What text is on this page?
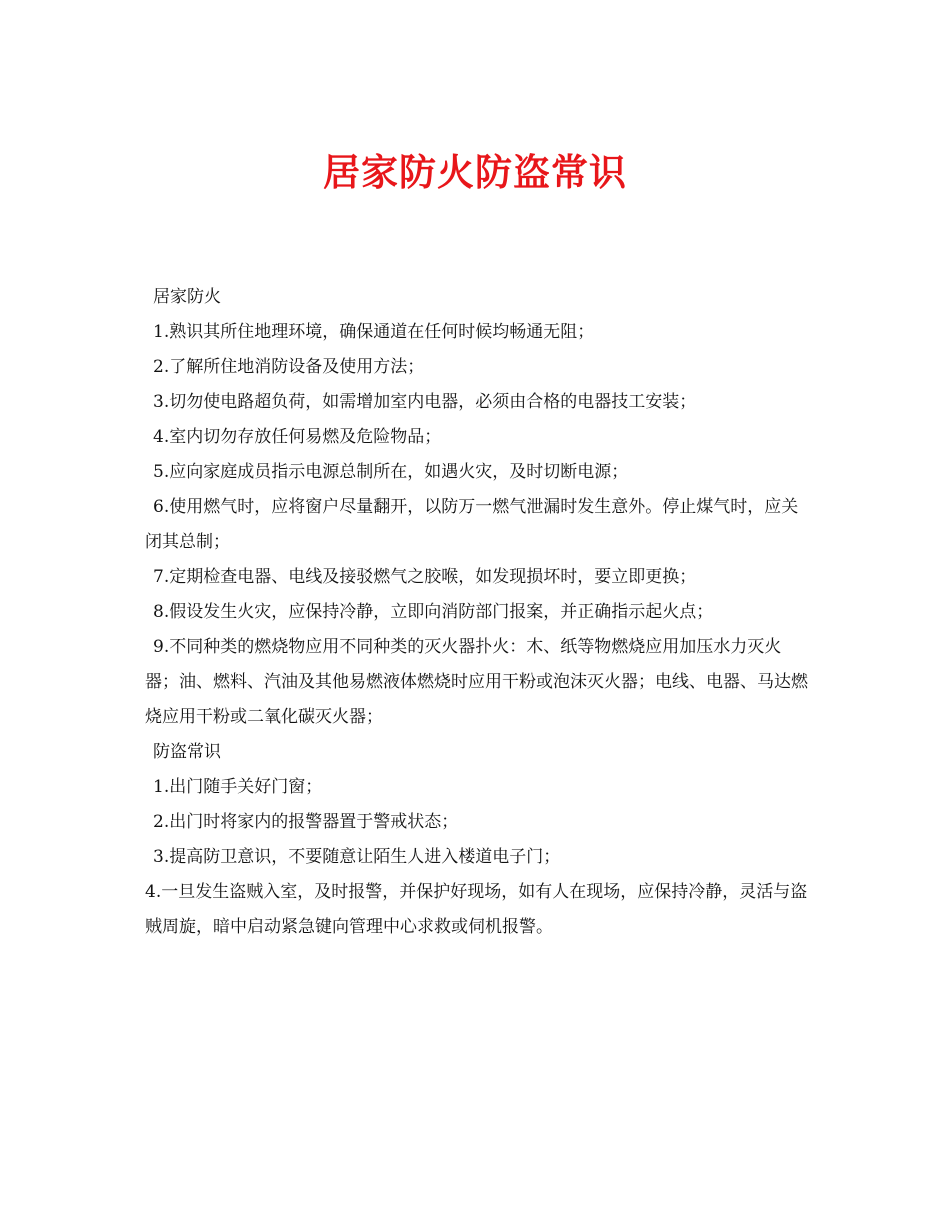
居家防火防盗常识

居家防火

1.熟识其所住地理环境，确保通道在任何时候均畅通无阻；

2.了解所住地消防设备及使用方法；

3.切勿使电路超负荷，如需增加室内电器，必须由合格的电器技工安装；

4.室内切勿存放任何易燃及危险物品；

5.应向家庭成员指示电源总制所在，如遇火灾，及时切断电源；

6.使用燃气时，应将窗户尽量翻开，以防万一燃气泄漏时发生意外。停止煤气时，应关闭其总制；

7.定期检查电器、电线及接驳燃气之胶喉，如发现损坏时，要立即更换；

8.假设发生火灾，应保持冷静，立即向消防部门报案，并正确指示起火点；

9.不同种类的燃烧物应用不同种类的灭火器扑火：木、纸等物燃烧应用加压水力灭火器；油、燃料、汽油及其他易燃液体燃烧时应用干粉或泡沫灭火器；电线、电器、马达燃烧应用干粉或二氧化碳灭火器；

防盗常识

1.出门随手关好门窗；

2.出门时将家内的报警器置于警戒状态；

3.提高防卫意识，不要随意让陌生人进入楼道电子门；

4.一旦发生盗贼入室，及时报警，并保护好现场，如有人在现场，应保持冷静，灵活与盗贼周旋，暗中启动紧急键向管理中心求救或伺机报警。
